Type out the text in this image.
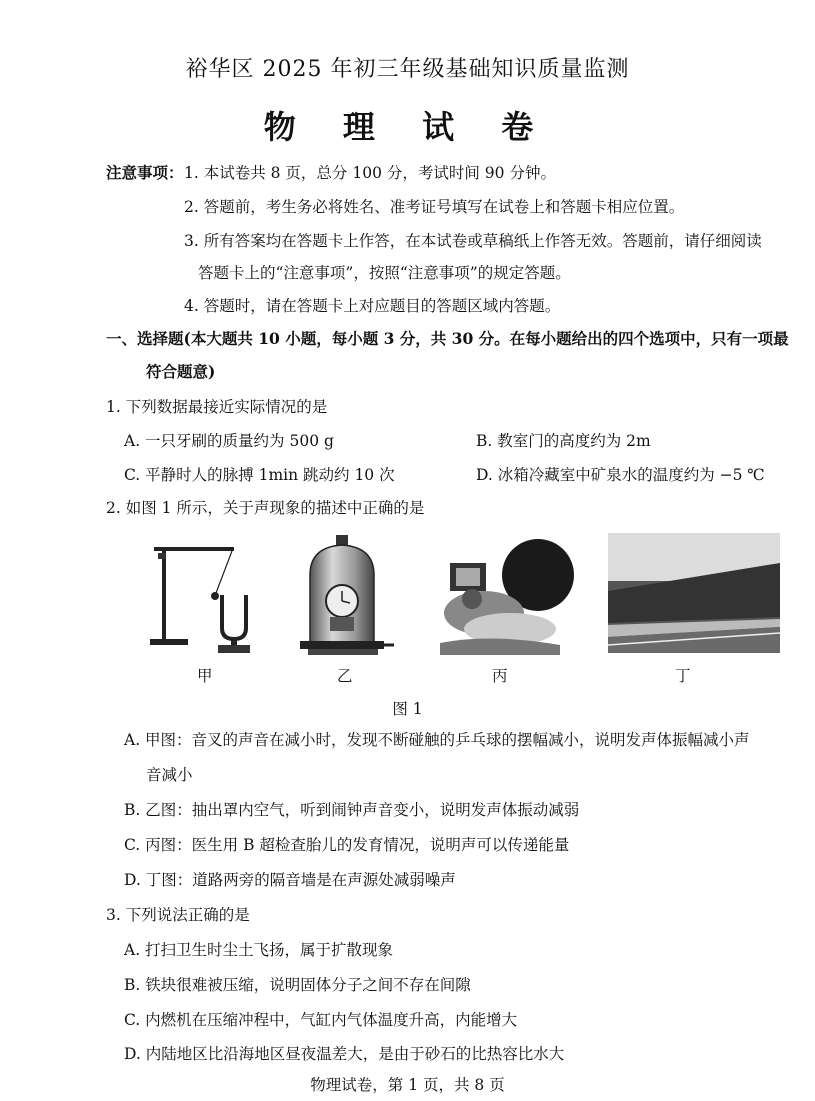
裕华区 2025 年初三年级基础知识质量监测
物 理 试 卷
注意事项： 1. 本试卷共 8 页，总分 100 分，考试时间 90 分钟。
2. 答题前，考生务必将姓名、准考证号填写在试卷上和答题卡相应位置。
3. 所有答案均在答题卡上作答，在本试卷或草稿纸上作答无效。答题前，请仔细阅读
答题卡上的“注意事项”，按照“注意事项”的规定答题。
4. 答题时，请在答题卡上对应题目的答题区域内答题。
一、选择题(本大题共 10 小题，每小题 3 分，共 30 分。在每小题给出的四个选项中，只有一项最
符合题意)
1. 下列数据最接近实际情况的是
A. 一只牙刷的质量约为 500 g	B. 教室门的高度约为 2m
C. 平静时人的脉搏 1min 跳动约 10 次	D. 冰箱冷藏室中矿泉水的温度约为 −5 ℃
2. 如图 1 所示，关于声现象的描述中正确的是
甲	乙	丙	丁
图 1
A. 甲图：音叉的声音在减小时，发现不断碰触的乒乓球的摆幅减小，说明发声体振幅减小声
音减小
B. 乙图：抽出罩内空气，听到闹钟声音变小，说明发声体振动减弱
C. 丙图：医生用 B 超检查胎儿的发育情况，说明声可以传递能量
D. 丁图：道路两旁的隔音墙是在声源处减弱噪声
3. 下列说法正确的是
A. 打扫卫生时尘土飞扬，属于扩散现象
B. 铁块很难被压缩，说明固体分子之间不存在间隙
C. 内燃机在压缩冲程中，气缸内气体温度升高，内能增大
D. 内陆地区比沿海地区昼夜温差大，是由于砂石的比热容比水大
物理试卷，第 1 页，共 8 页
